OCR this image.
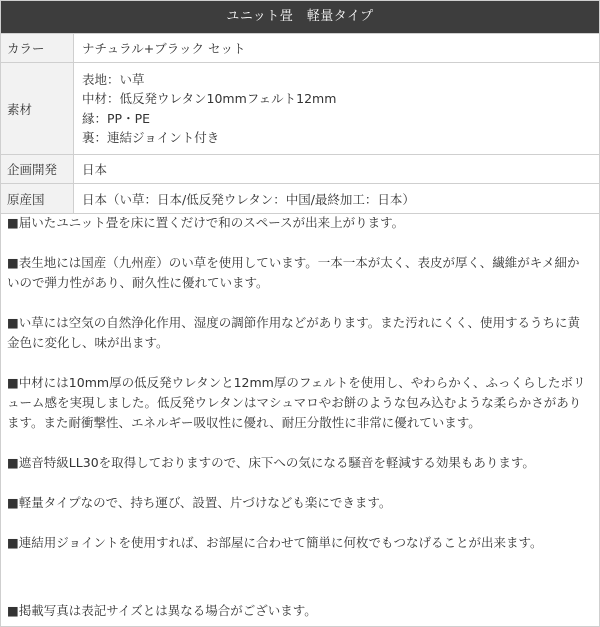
ユニット畳　軽量タイプ
カラー	ナチュラル+ブラック セット
素材	表地：い草
中材：低反発ウレタン10mmフェルト12mm
縁：PP・PE
裏：連結ジョイント付き

企画開発	日本
原産国	日本（い草：日本/低反発ウレタン：中国/最終加工：日本）

■届いたユニット畳を床に置くだけで和のスペースが出来上がります。

■表生地には国産（九州産）のい草を使用しています。一本一本が太く、表皮が厚く、繊維がキメ細かいので弾力性があり、耐久性に優れています。

■い草には空気の自然浄化作用、湿度の調節作用などがあります。また汚れにくく、使用するうちに黄金色に変化し、味が出ます。

■中材には10mm厚の低反発ウレタンと12mm厚のフェルトを使用し、やわらかく、ふっくらしたボリューム感を実現しました。低反発ウレタンはマシュマロやお餅のような包み込むような柔らかさがあります。また耐衝撃性、エネルギー吸収性に優れ、耐圧分散性に非常に優れています。

■遮音特級LL30を取得しておりますので、床下への気になる騒音を軽減する効果もあります。

■軽量タイプなので、持ち運び、設置、片づけなども楽にできます。

■連結用ジョイントを使用すれば、お部屋に合わせて簡単に何枚でもつなげることが出来ます。

■掲載写真は表記サイズとは異なる場合がございます。
